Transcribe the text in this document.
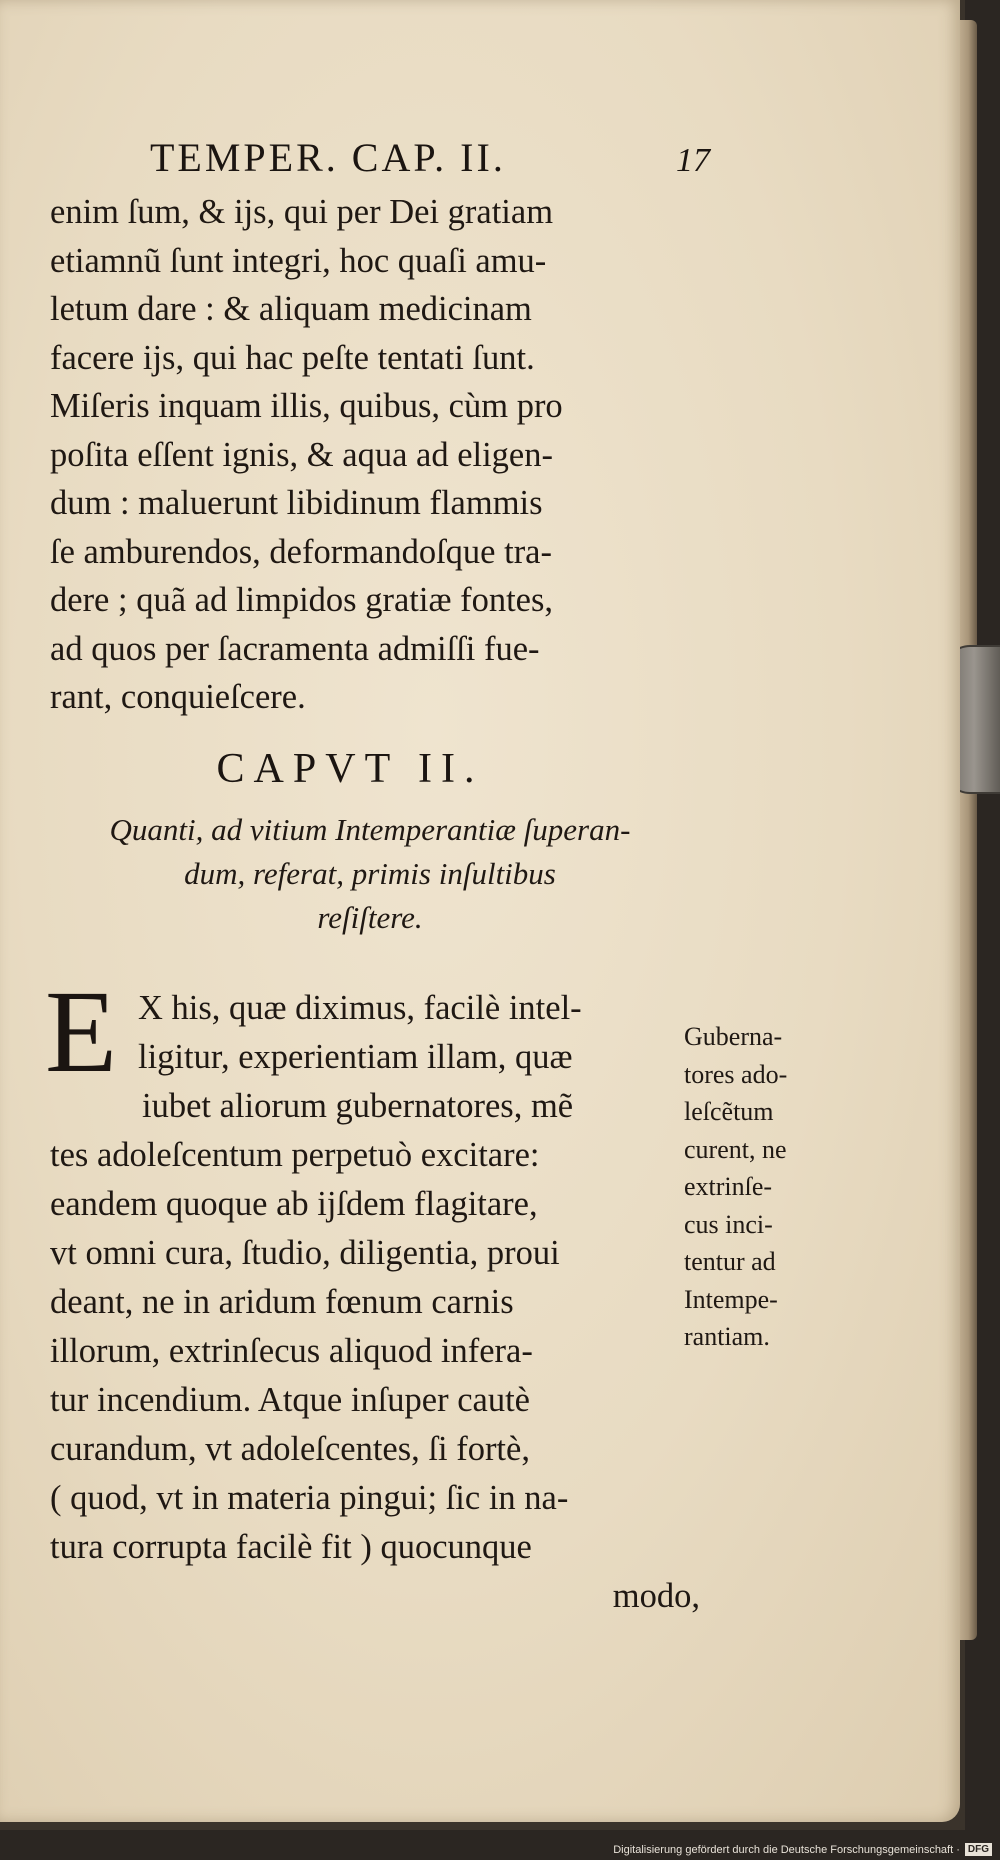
TEMPER. CAP. II.	17
enim ſum, & ijs, qui per Dei gratiam
etiamnũ ſunt integri, hoc quaſi amu-
letum dare : & aliquam medicinam
facere ijs, qui hac peſte tentati ſunt.
Miſeris inquam illis, quibus, cùm pro
poſita eſſent ignis, & aqua ad eligen-
dum : maluerunt libidinum flammis
ſe amburendos, deformandoſque tra-
dere ; quã ad limpidos gratiæ fontes,
ad quos per ſacramenta admiſſi fue-
rant, conquieſcere.
CAPVT II.
Quanti, ad vitium Intemperantiæ ſuperan-
dum, referat, primis inſultibus
reſiſtere.
E X his, quæ diximus, facilè intel-
ligitur, experientiam illam, quæ
iubet aliorum gubernatores, mẽ
tes adoleſcentum perpetuò excitare:
eandem quoque ab ijſdem flagitare,
vt omni cura, ſtudio, diligentia, proui
deant, ne in aridum fœnum carnis
illorum, extrinſecus aliquod infera-
tur incendium. Atque inſuper cautè
curandum, vt adoleſcentes, ſi fortè,
( quod, vt in materia pingui; ſic in na-
tura corrupta facilè fit ) quocunque
modo,
Guberna-
tores ado-
leſcẽtum
curent, ne
extrinſe-
cus inci-
tentur ad
Intempe-
rantiam.
Digitalisierung gefördert durch die Deutsche Forschungsgemeinschaft · DFG
